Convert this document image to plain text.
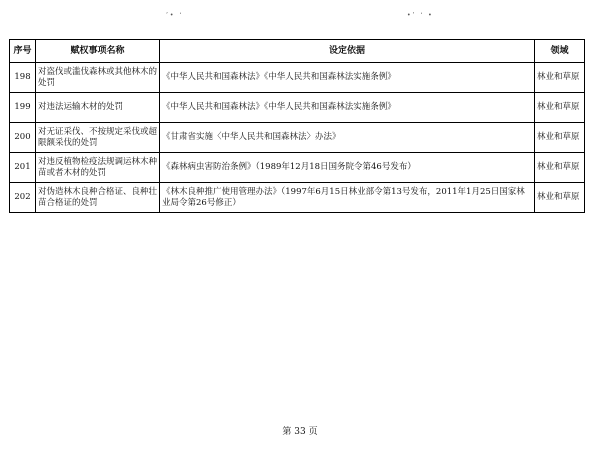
’• ‘	•’ ‘ •
序号	赋权事项名称	设定依据	领域
198	对盗伐或滥伐森林或其他林木的处罚	《中华人民共和国森林法》《中华人民共和国森林法实施条例》	林业和草原
199	对违法运输木材的处罚	《中华人民共和国森林法》《中华人民共和国森林法实施条例》	林业和草原
200	对无证采伐、不按规定采伐或超限额采伐的处罚	《甘肃省实施〈中华人民共和国森林法〉办法》	林业和草原
201	对违反植物检疫法规调运林木种苗或者木材的处罚	《森林病虫害防治条例》（1989年12月18日国务院令第46号发布）	林业和草原
202	对伪造林木良种合格证、良种壮苗合格证的处罚	《林木良种推广使用管理办法》（1997年6月15日林业部令第13号发布，2011年1月25日国家林业局令第26号修正）	林业和草原
第 33 页
